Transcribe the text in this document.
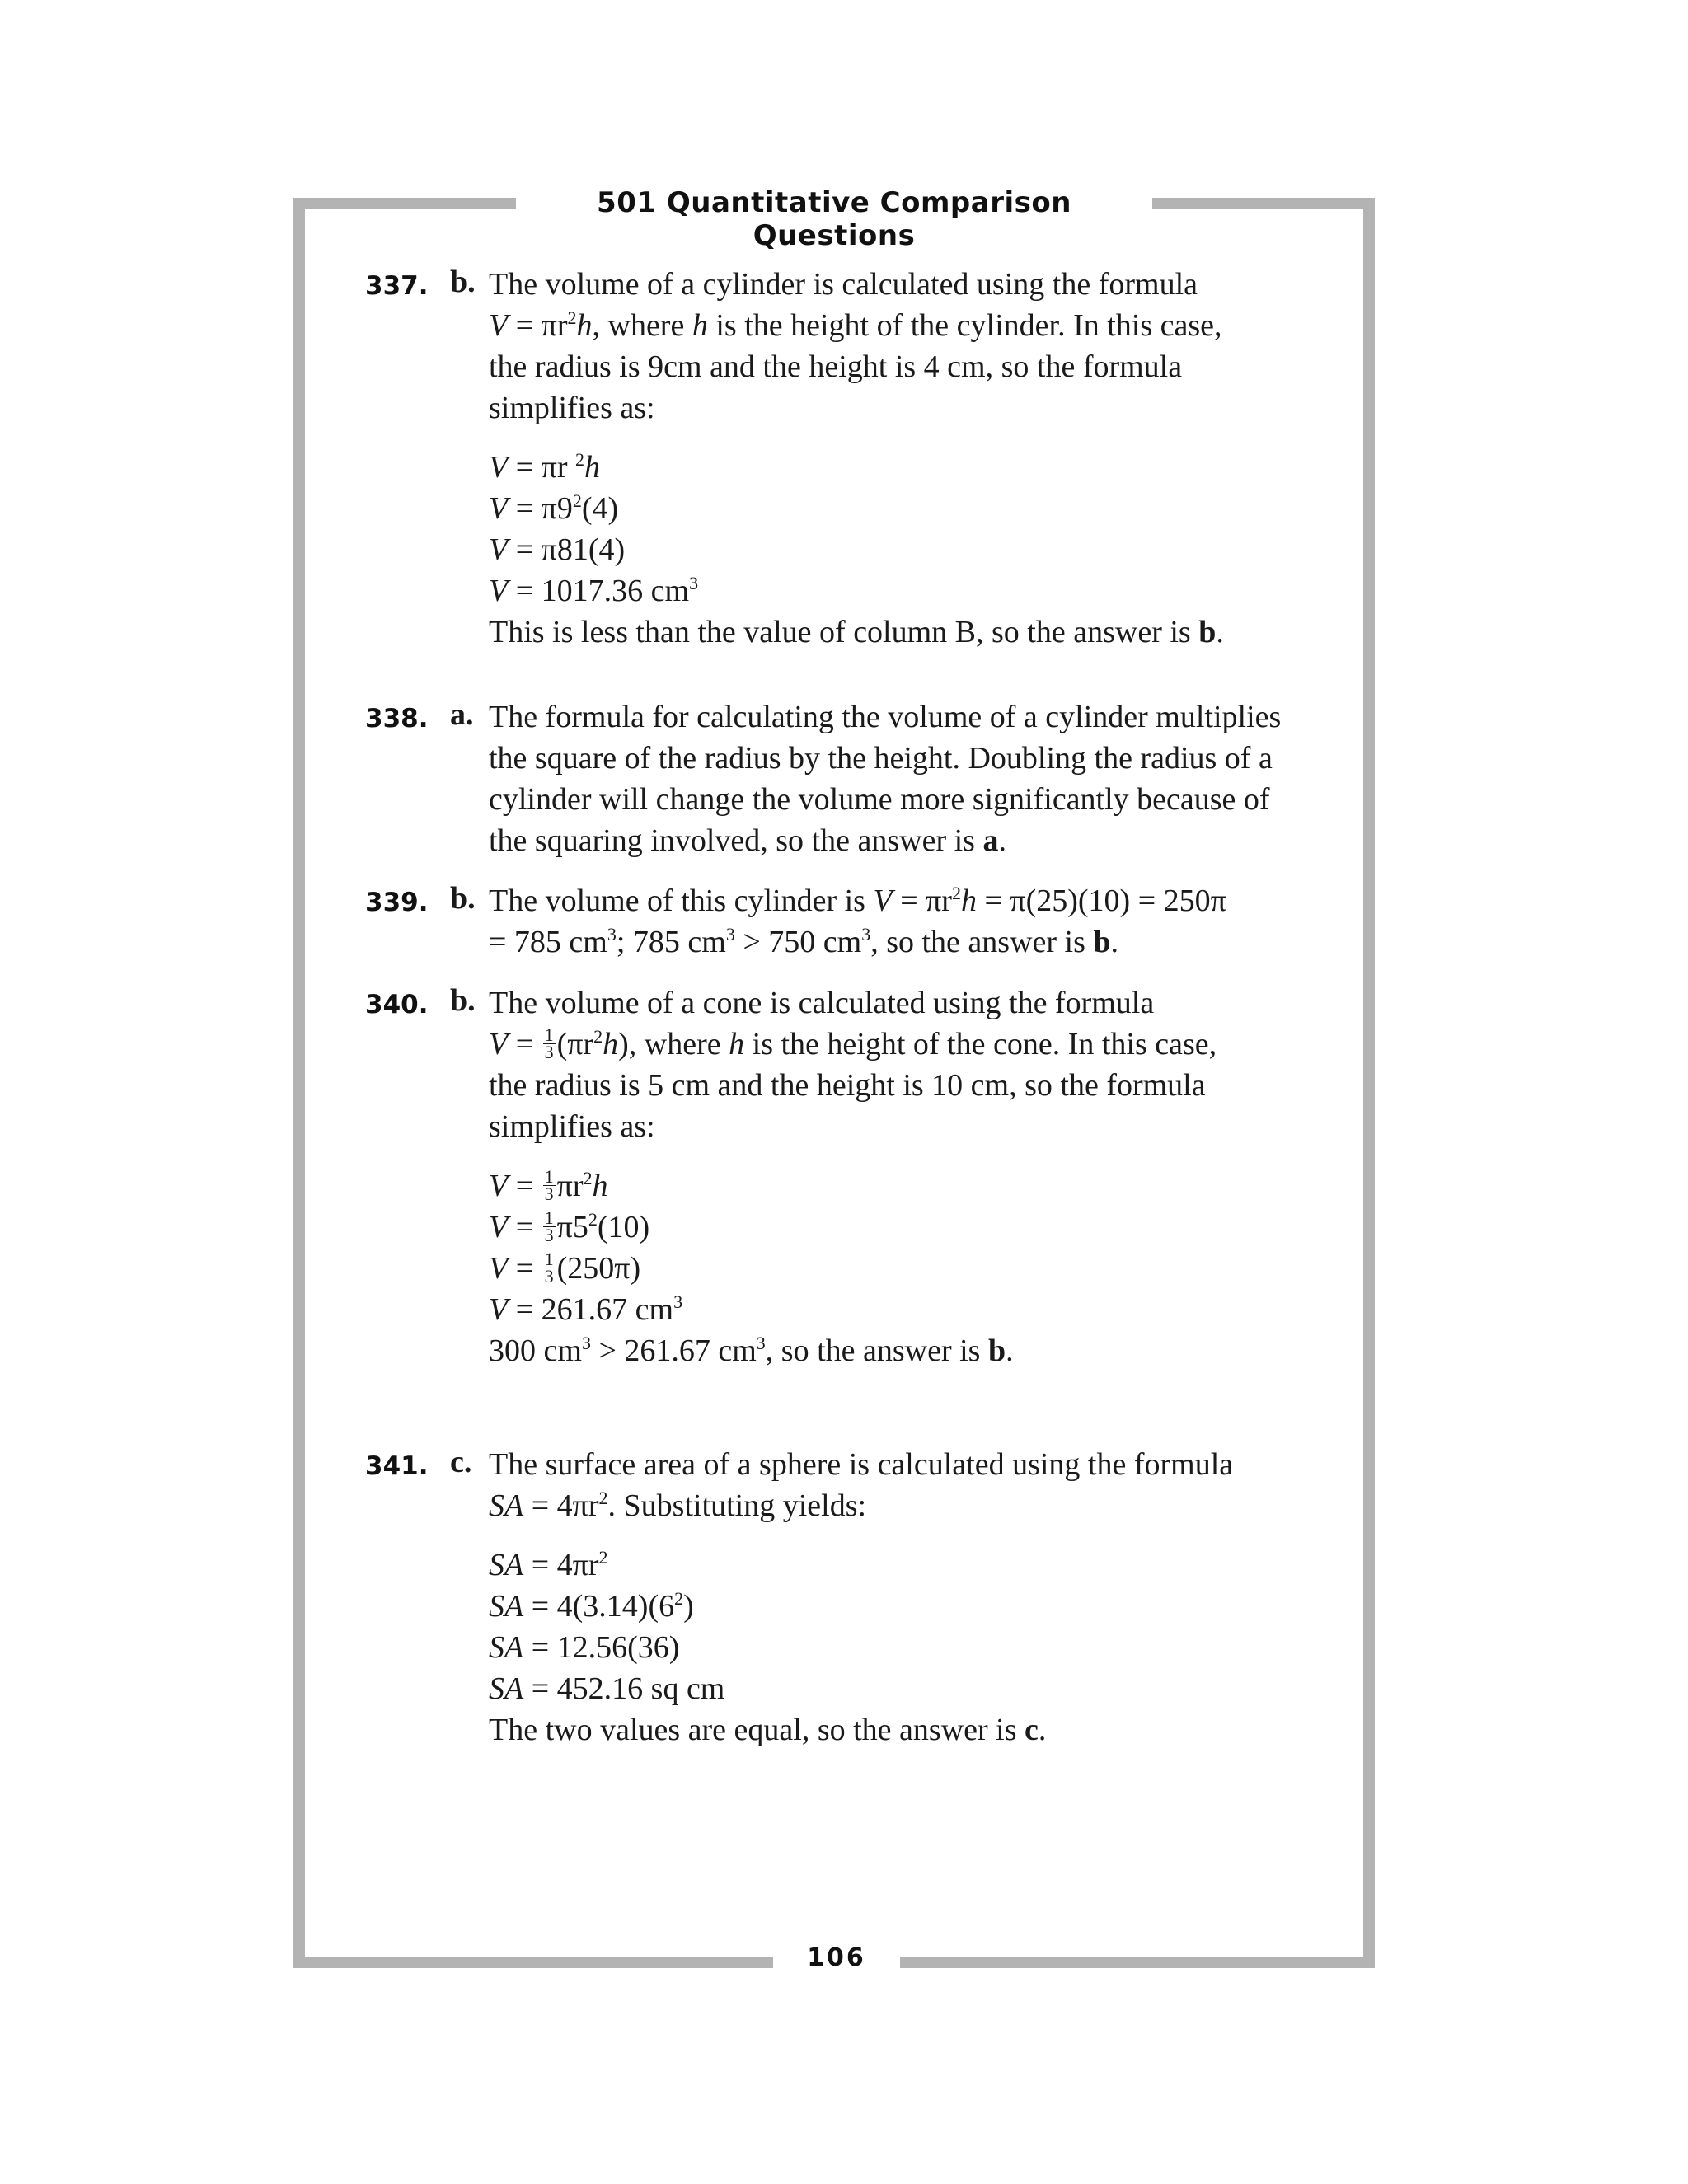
501 Quantitative Comparison Questions
106
337. b. The volume of a cylinder is calculated using the formula

$V = \pi r^2h$, where h is the height of the cylinder. In this case,

the radius is 9cm and the height is 4 cm, so the formula

simplifies as:

V = πr $^2$h
$V = \pi 9^2(4)$
V = π81(4)
V = 1017.36 $cm^3$

This is less than the value of column B, so the answer is b.

338. a. The formula for calculating the volume of a cylinder multiplies

the square of the radius by the height. Doubling the radius of a

cylinder will change the volume more significantly because of

the squaring involved, so the answer is a.

339. b. The volume of this cylinder is $V = \pi r^2h = \pi(25)(10) = 250\pi$

= 785 $cm^3$; 785 $cm^3 > 750$ $cm^3$, so the answer is b.

340. b. The volume of a cone is calculated using the formula

$V = \frac{1}{3} (\pi r^2h)$, where h is the height of the cone. In this case,

the radius is 5 cm and the height is 10 cm, so the formula

simplifies as:

$V = \frac{1}{3} \pi r^2h$
$V = \frac{1}{3} \pi 5^2(10)$
$V = \frac{1}{3} (250\pi)$
V = 261.67 $cm^3$

300 $cm^3 > 261.67$ $cm^3$, so the answer is b.

341. c. The surface area of a sphere is calculated using the formula

SA = $4\pi r^2$. Substituting yields:

SA = $4\pi r^2$
SA = $4(3.14)(6^2)$
SA = 12.56(36)
SA = 452.16 sq cm

The two values are equal, so the answer is c.
